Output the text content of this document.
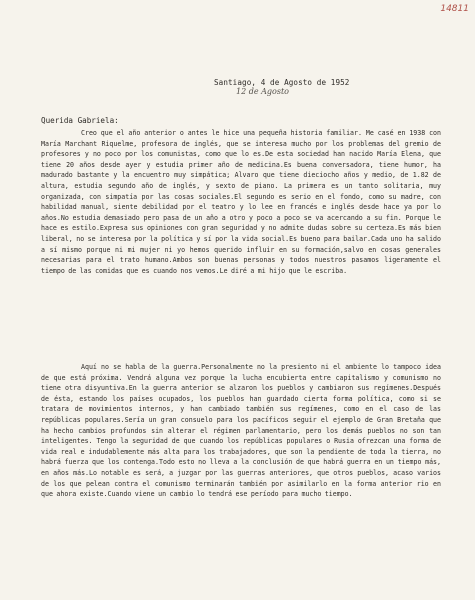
14811
Santiago, 4 de Agosto de 1952
12 de Agosto
Querida Gabriela:
Creo que el año anterior o antes le hice una pequeña historia familiar. Me casé en 1938 con María Marchant Riquelme, profesora de inglés, que se interesa mucho por los problemas del gremio de profesores y no poco por los comunistas, como que lo es.De esta sociedad han nacido María Elena, que tiene 20 años desde ayer y estudia primer año de medicina.Es buena conversadora, tiene humor, ha madurado bastante y la encuentro muy simpática; Alvaro que tiene dieciocho años y medio, de 1.82 de altura, estudia segundo año de inglés, y sexto de piano. La primera es un tanto solitaria, muy organizada, con simpatía por las cosas sociales.El segundo es serio en el fondo, como su madre, con habilidad manual, siente debilidad por el teatro y lo lee en francés e inglés desde hace ya por lo años.No estudia demasiado pero pasa de un año a otro y poco a poco se va acercando a su fin. Porque le hace es estilo.Expresa sus opiniones con gran seguridad y no admite dudas sobre su certeza.Es más bien liberal, no se interesa por la política y sí por la vida social.Es bueno para bailar.Cada uno ha salido a sí mismo porque ni mi mujer ni yo hemos querido influir en su formación,salvo en cosas generales necesarias para el trato humano.Ambos son buenas personas y todos nuestros pasamos ligeramente el tiempo de las comidas que es cuando nos vemos.Le diré a mi hijo que le escriba.
Aquí no se habla de la guerra.Personalmente no la presiento ni el ambiente lo tampoco idea de que está próxima. Vendrá alguna vez porque la lucha encubierta entre capitalismo y comunismo no tiene otra disyuntiva.En la guerra anterior se alzaron los pueblos y cambiaron sus regímenes.Después de ésta, estando los países ocupados, los pueblos han guardado cierta forma política, como si se tratara de movimientos internos, y han cambiado también sus regímenes, como en el caso de las repúblicas populares.Sería un gran consuelo para los pacíficos seguir el ejemplo de Gran Bretaña que ha hecho cambios profundos sin alterar el régimen parlamentario, pero los demás pueblos no son tan inteligentes. Tengo la seguridad de que cuando los repúblicas populares o Rusia ofrezcan una forma de vida real e indudablemente más alta para los trabajadores, que son la pendiente de toda la tierra, no habrá fuerza que los contenga.Todo esto no lleva a la conclusión de que habrá guerra en un tiempo más, en años más.Lo notable es será, a juzgar por las guerras anteriores, que otros pueblos, acaso varios de los que pelean contra el comunismo terminarán también por asimilarlo en la forma anterior rio en que ahora existe.Cuando viene un cambio lo tendrá ese período para mucho tiempo.
